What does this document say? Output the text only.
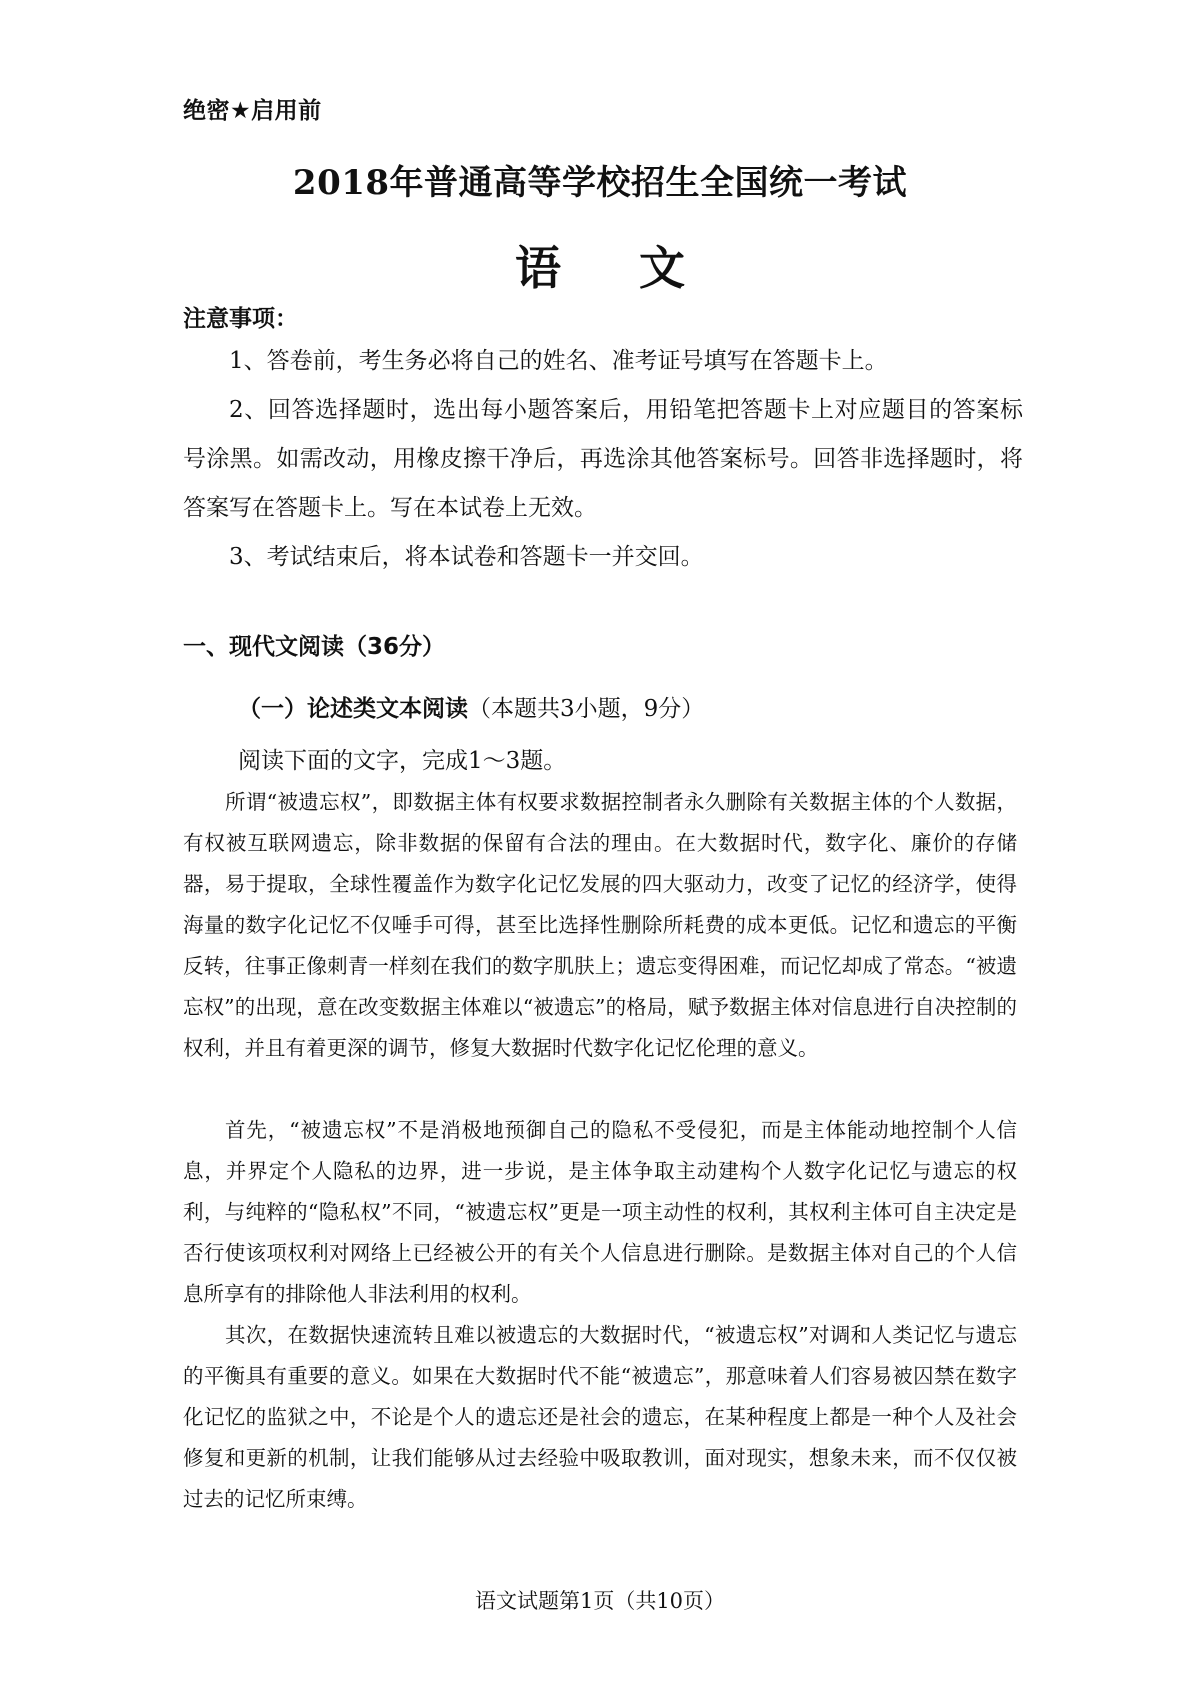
绝密★启用前
2018年普通高等学校招生全国统一考试
语文
注意事项：
1、答卷前，考生务必将自己的姓名、准考证号填写在答题卡上。
2、回答选择题时，选出每小题答案后，用铅笔把答题卡上对应题目的答案标号涂黑。如需改动，用橡皮擦干净后，再选涂其他答案标号。回答非选择题时，将答案写在答题卡上。写在本试卷上无效。
3、考试结束后，将本试卷和答题卡一并交回。
一、现代文阅读（36分）
（一）论述类文本阅读（本题共3小题，9分）
阅读下面的文字，完成1～3题。
所谓“被遗忘权”，即数据主体有权要求数据控制者永久删除有关数据主体的个人数据，有权被互联网遗忘，除非数据的保留有合法的理由。在大数据时代，数字化、廉价的存储器，易于提取，全球性覆盖作为数字化记忆发展的四大驱动力，改变了记忆的经济学，使得海量的数字化记忆不仅唾手可得，甚至比选择性删除所耗费的成本更低。记忆和遗忘的平衡反转，往事正像刺青一样刻在我们的数字肌肤上；遗忘变得困难，而记忆却成了常态。“被遗忘权”的出现，意在改变数据主体难以“被遗忘”的格局，赋予数据主体对信息进行自决控制的权利，并且有着更深的调节，修复大数据时代数字化记忆伦理的意义。
首先，“被遗忘权”不是消极地预御自己的隐私不受侵犯，而是主体能动地控制个人信息，并界定个人隐私的边界，进一步说，是主体争取主动建构个人数字化记忆与遗忘的权利，与纯粹的“隐私权”不同，“被遗忘权”更是一项主动性的权利，其权利主体可自主决定是否行使该项权利对网络上已经被公开的有关个人信息进行删除。是数据主体对自己的个人信息所享有的排除他人非法利用的权利。
其次，在数据快速流转且难以被遗忘的大数据时代，“被遗忘权”对调和人类记忆与遗忘的平衡具有重要的意义。如果在大数据时代不能“被遗忘”，那意味着人们容易被囚禁在数字化记忆的监狱之中，不论是个人的遗忘还是社会的遗忘，在某种程度上都是一种个人及社会修复和更新的机制，让我们能够从过去经验中吸取教训，面对现实，想象未来，而不仅仅被过去的记忆所束缚。
语文试题第1页（共10页）
